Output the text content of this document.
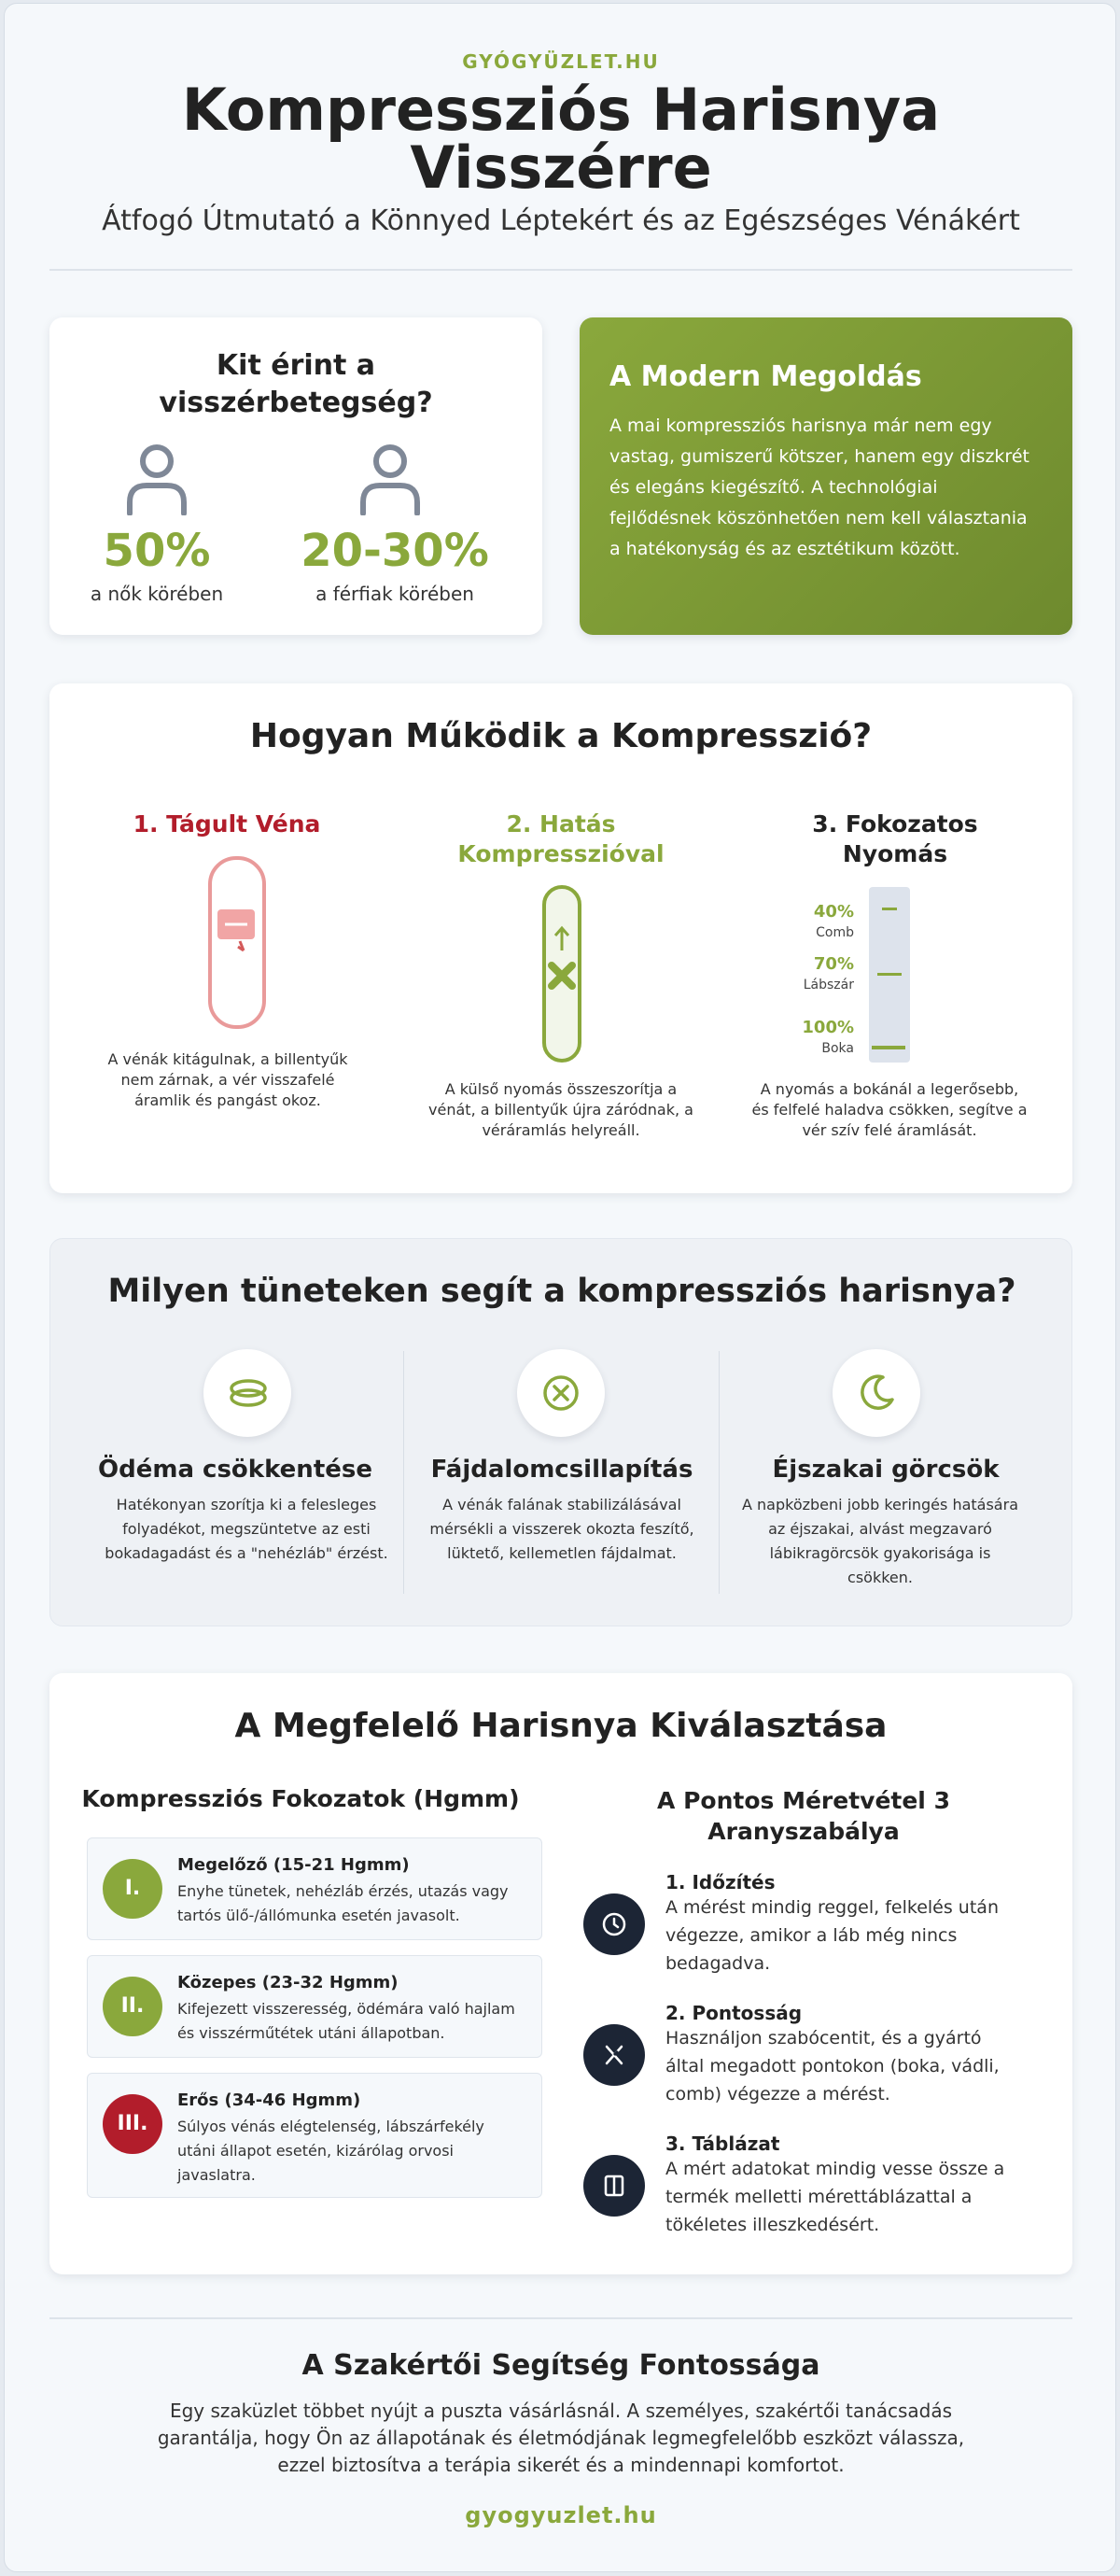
GYÓGYÜZLET.HU
Kompressziós Harisnya
Visszérre
Átfogó Útmutató a Könnyed Léptekért és az Egészséges Vénákért
Kit érint a
visszérbetegség?
50%
a nők körében
20-30%
a férfiak körében
A Modern Megoldás
A mai kompressziós harisnya már nem egy vastag, gumiszerű kötszer, hanem egy diszkrét és elegáns kiegészítő. A technológiai fejlődésnek köszönhetően nem kell választania a hatékonyság és az esztétikum között.
Hogyan Működik a Kompresszió?
1. Tágult Véna
A vénák kitágulnak, a billentyűk nem zárnak, a vér visszafelé áramlik és pangást okoz.
2. Hatás
Kompresszióval
A külső nyomás összeszorítja a vénát, a billentyűk újra záródnak, a véráramlás helyreáll.
3. Fokozatos
Nyomás
40%
Comb
70%
Lábszár
100%
Boka
A nyomás a bokánál a legerősebb, és felfelé haladva csökken, segítve a vér szív felé áramlását.
Milyen tüneteken segít a kompressziós harisnya?
Ödéma csökkentése
Hatékonyan szorítja ki a felesleges folyadékot, megszüntetve az esti bokadagadást és a "nehézláb" érzést.
Fájdalomcsillapítás
A vénák falának stabilizálásával mérsékli a visszerek okozta feszítő, lüktető, kellemetlen fájdalmat.
Éjszakai görcsök
A napközbeni jobb keringés hatására az éjszakai, alvást megzavaró lábikragörcsök gyakorisága is csökken.
A Megfelelő Harisnya Kiválasztása
Kompressziós Fokozatok (Hgmm)
I.
Megelőző (15-21 Hgmm)
Enyhe tünetek, nehézláb érzés, utazás vagy tartós ülő-/állómunka esetén javasolt.
II.
Közepes (23-32 Hgmm)
Kifejezett visszeresség, ödémára való hajlam és visszérműtétek utáni állapotban.
III.
Erős (34-46 Hgmm)
Súlyos vénás elégtelenség, lábszárfekély utáni állapot esetén, kizárólag orvosi javaslatra.
A Pontos Méretvétel 3
Aranyszabálya
1. Időzítés
A mérést mindig reggel, felkelés után végezze, amikor a láb még nincs bedagadva.
2. Pontosság
Használjon szabócentit, és a gyártó által megadott pontokon (boka, vádli, comb) végezze a mérést.
3. Táblázat
A mért adatokat mindig vesse össze a termék melletti mérettáblázattal a tökéletes illeszkedésért.
A Szakértői Segítség Fontossága
Egy szaküzlet többet nyújt a puszta vásárlásnál. A személyes, szakértői tanácsadás
garantálja, hogy Ön az állapotának és életmódjának legmegfelelőbb eszközt válassza,
ezzel biztosítva a terápia sikerét és a mindennapi komfortot.
gyogyuzlet.hu
